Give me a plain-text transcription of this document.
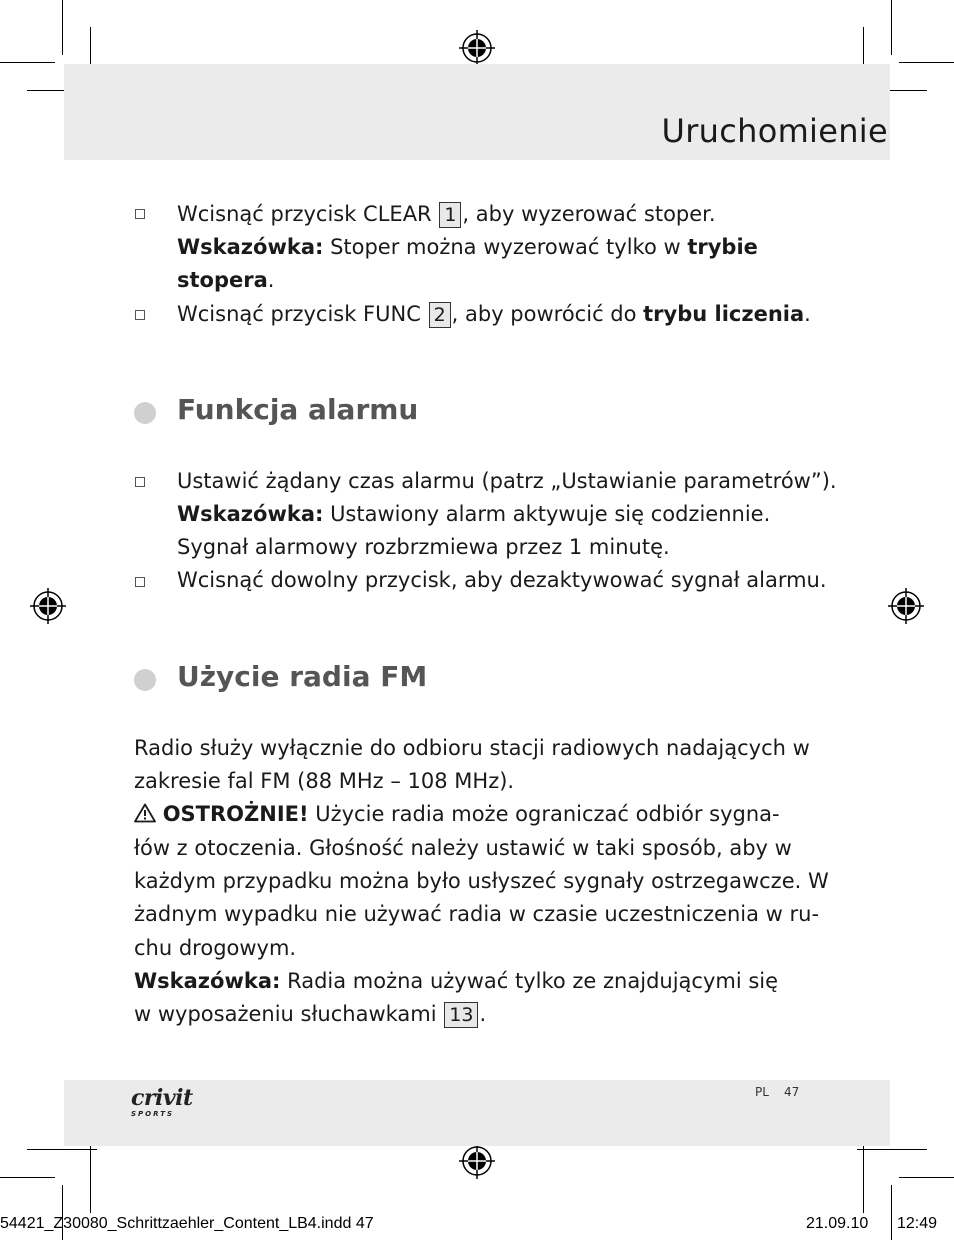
Uruchomienie
Wcisnąć przycisk CLEAR 1 , aby wyzerować stoper.
Wskazówka: Stoper można wyzerować tylko w trybie
stopera.
Wcisnąć przycisk FUNC 2 , aby powrócić do trybu liczenia.
Funkcja alarmu
Ustawić żądany czas alarmu (patrz „Ustawianie parametrów”).
Wskazówka: Ustawiony alarm aktywuje się codziennie.
Sygnał alarmowy rozbrzmiewa przez 1 minutę.
Wcisnąć dowolny przycisk, aby dezaktywować sygnał alarmu.
Użycie radia FM
Radio służy wyłącznie do odbioru stacji radiowych nadających w
zakresie fal FM (88 MHz – 108 MHz).
OSTROŻNIE! Użycie radia może ograniczać odbiór sygna-
łów z otoczenia. Głośność należy ustawić w taki sposób, aby w
każdym przypadku można było usłyszeć sygnały ostrzegawcze. W
żadnym wypadku nie używać radia w czasie uczestniczenia w ru-
chu drogowym.
Wskazówka: Radia można używać tylko ze znajdującymi się
w wyposażeniu słuchawkami 13 .
crivit
SPORTS
PL 47
54421_Z30080_Schrittzaehler_Content_LB4.indd 47	21.09.10 12:49
